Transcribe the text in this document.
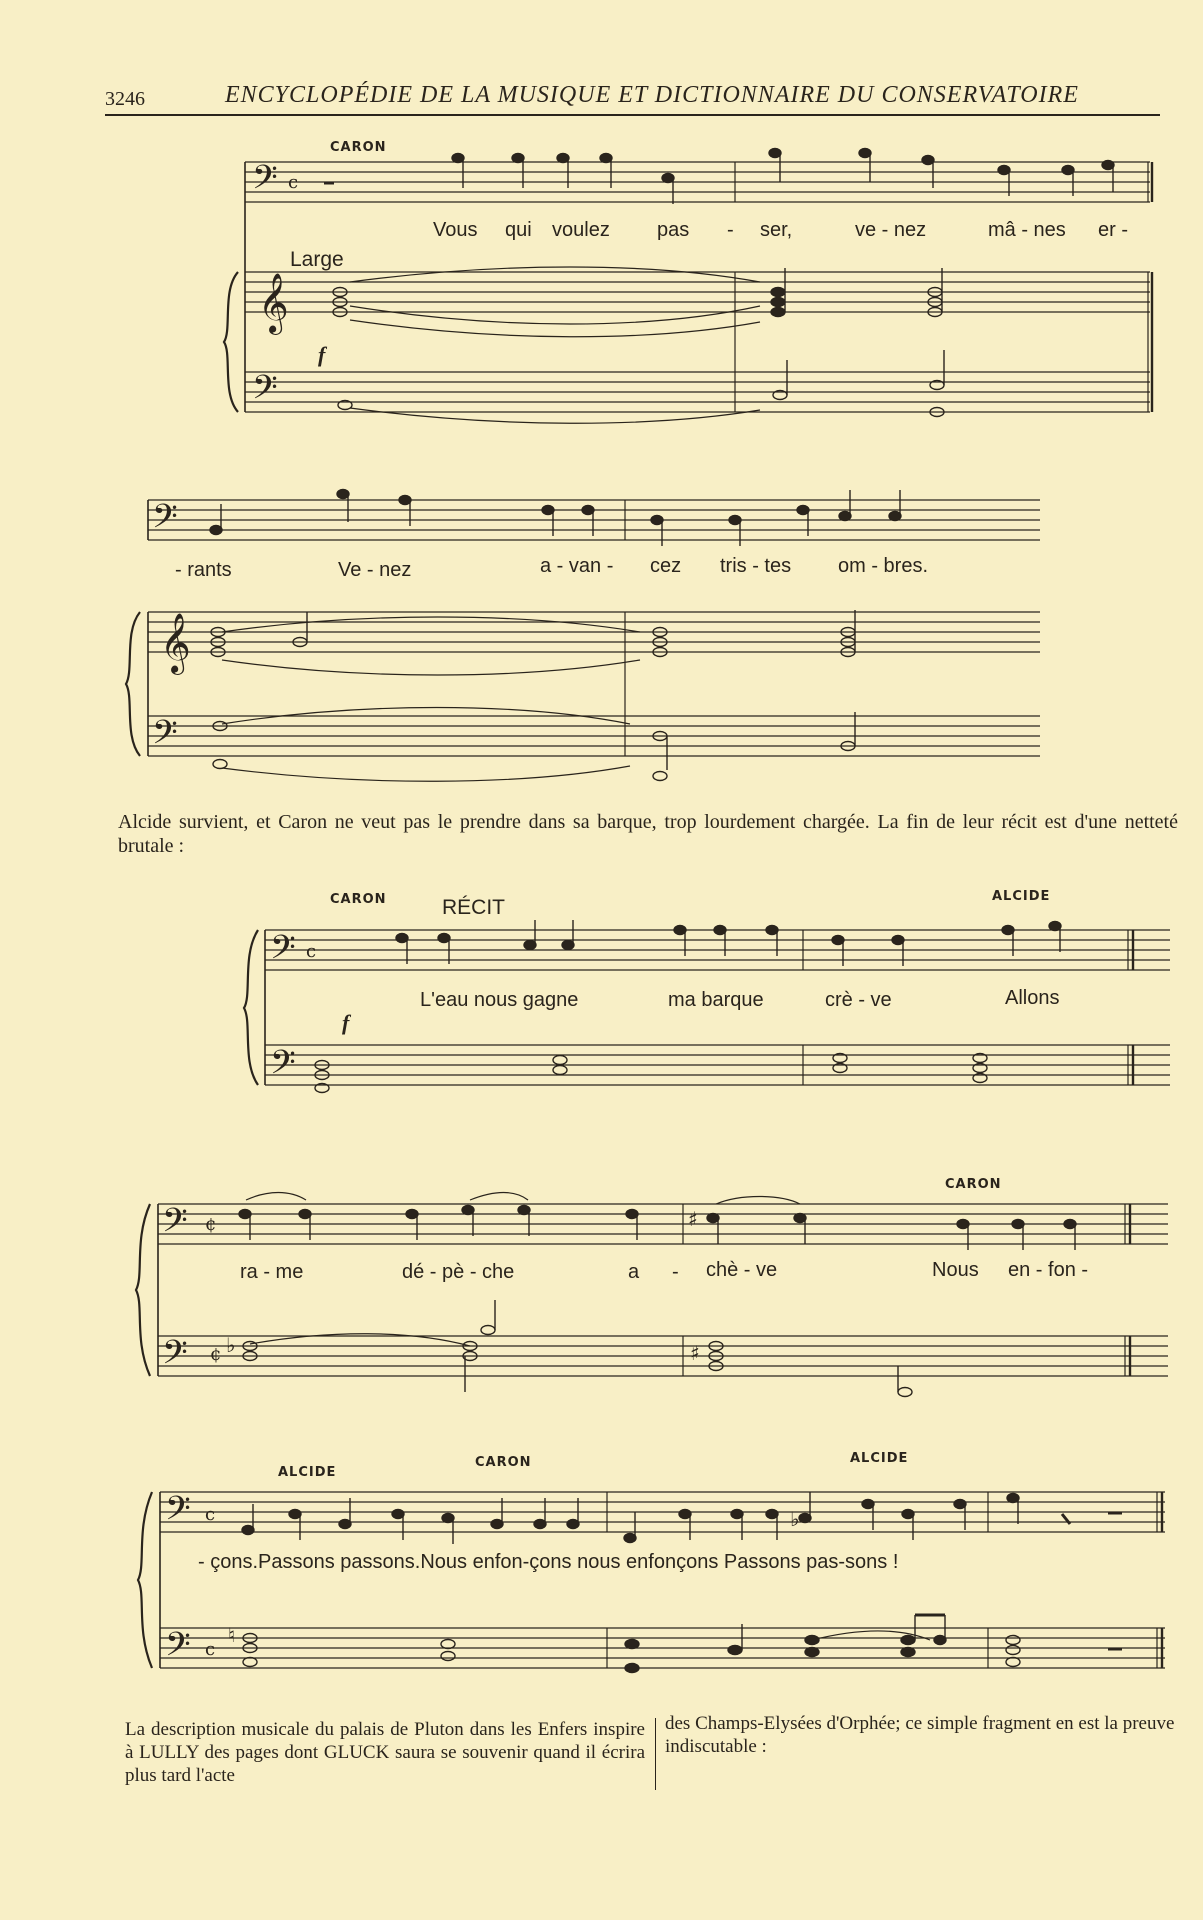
3246	ENCYCLOPÉDIE DE LA MUSIQUE ET DICTIONNAIRE DU CONSERVATOIRE
𝄢 c
𝄞
𝄢
CARON
Large
f
Vous qui voulez pas - ser,	ve - nez	mâ - nes er -
𝄢
𝄞
𝄢
- rants	Ve - nez	a - van - cez tris - tes om - bres.
𝄢 c
𝄢
CARON	RÉCIT	ALCIDE
f
L'eau nous gagne	ma barque	crè - ve	Allons
𝄢 ¢	♯
𝄢 ¢ ♭	♯
CARON
ra - me	dé - pè - che	a - chè - ve	Nous en - fon -
𝄢 c	♭
𝄢 c
♮
ALCIDE
CARON	ALCIDE
- çons.Passons passons.Nous enfon-çons nous enfonçons Passons pas-sons !
Alcide survient, et Caron ne veut pas le prendre dans sa barque, trop lourdement chargée. La fin de leur récit est d'une netteté brutale :
La description musicale du palais de Pluton dans les Enfers inspire à LULLY des pages dont GLUCK saura se souvenir quand il écrira plus tard l'acte
des Champs-Elysées d'Orphée; ce simple fragment en est la preuve indiscutable :
